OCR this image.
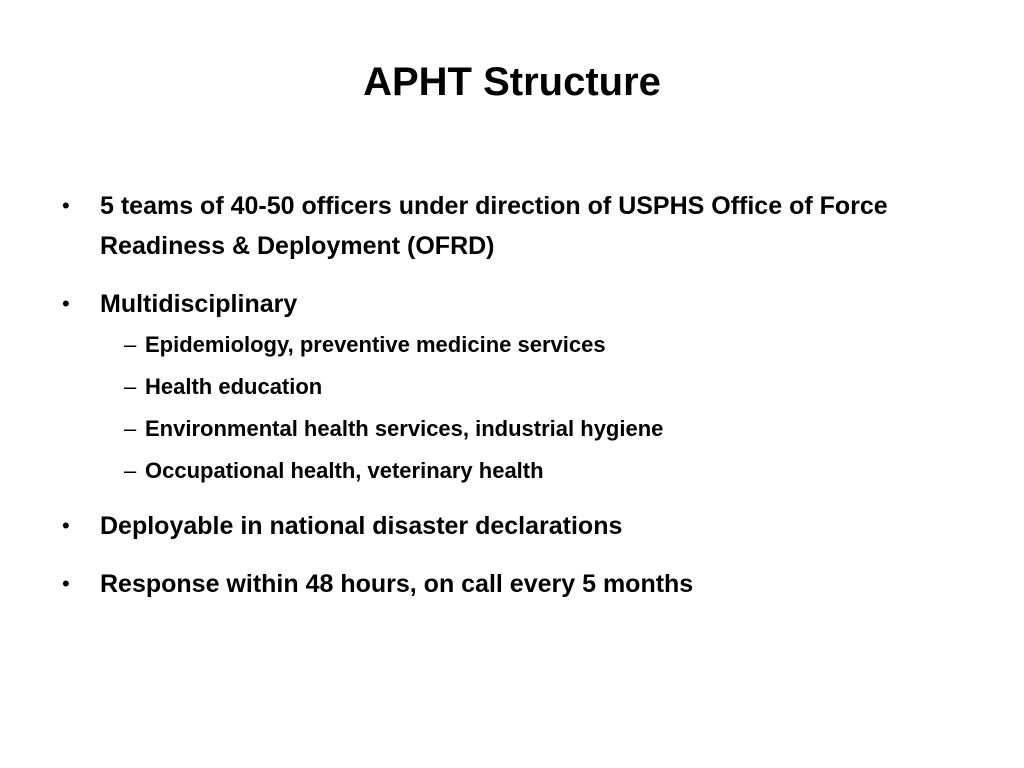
APHT Structure
• 5 teams of 40-50 officers under direction of USPHS Office of Force Readiness & Deployment (OFRD)
• Multidisciplinary
– Epidemiology, preventive medicine services
– Health education
– Environmental health services, industrial hygiene
– Occupational health, veterinary health
• Deployable in national disaster declarations
• Response within 48 hours, on call every 5 months
